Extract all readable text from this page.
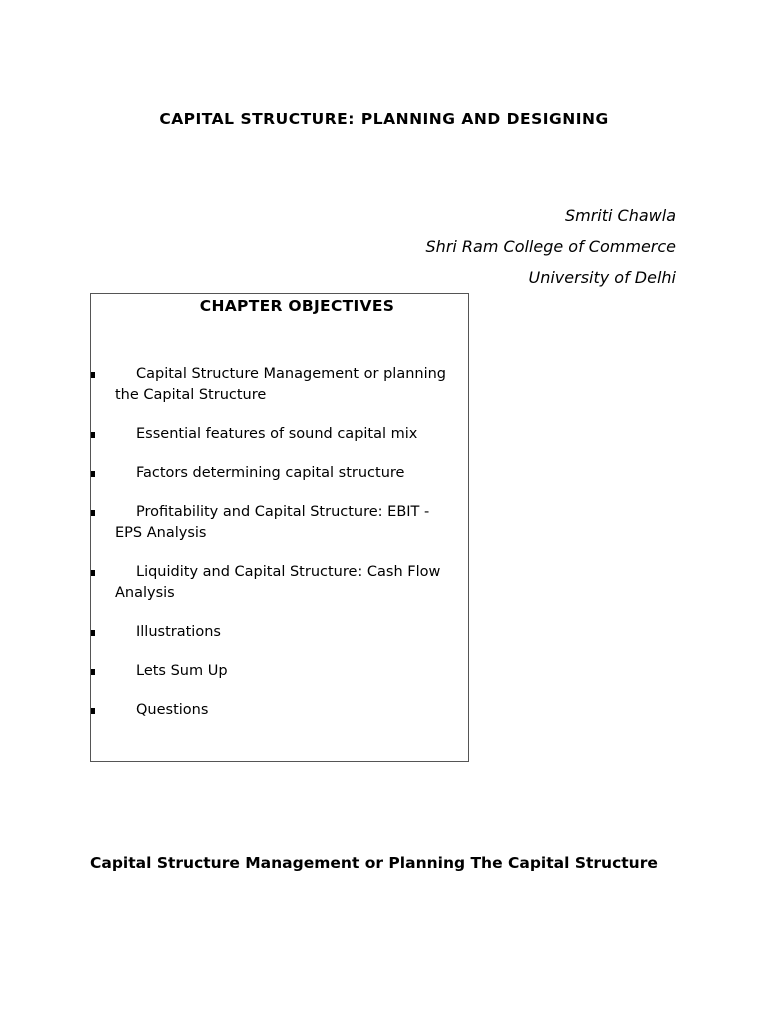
CAPITAL STRUCTURE: PLANNING AND DESIGNING
Smriti Chawla
Shri Ram College of Commerce
University of Delhi
CHAPTER OBJECTIVES
Capital Structure Management or planning the Capital Structure
Essential features of sound capital mix
Factors determining capital structure
Profitability and Capital Structure: EBIT - EPS Analysis
Liquidity and Capital Structure: Cash Flow Analysis
Illustrations
Lets Sum Up
Questions
Capital Structure Management or Planning The Capital Structure
